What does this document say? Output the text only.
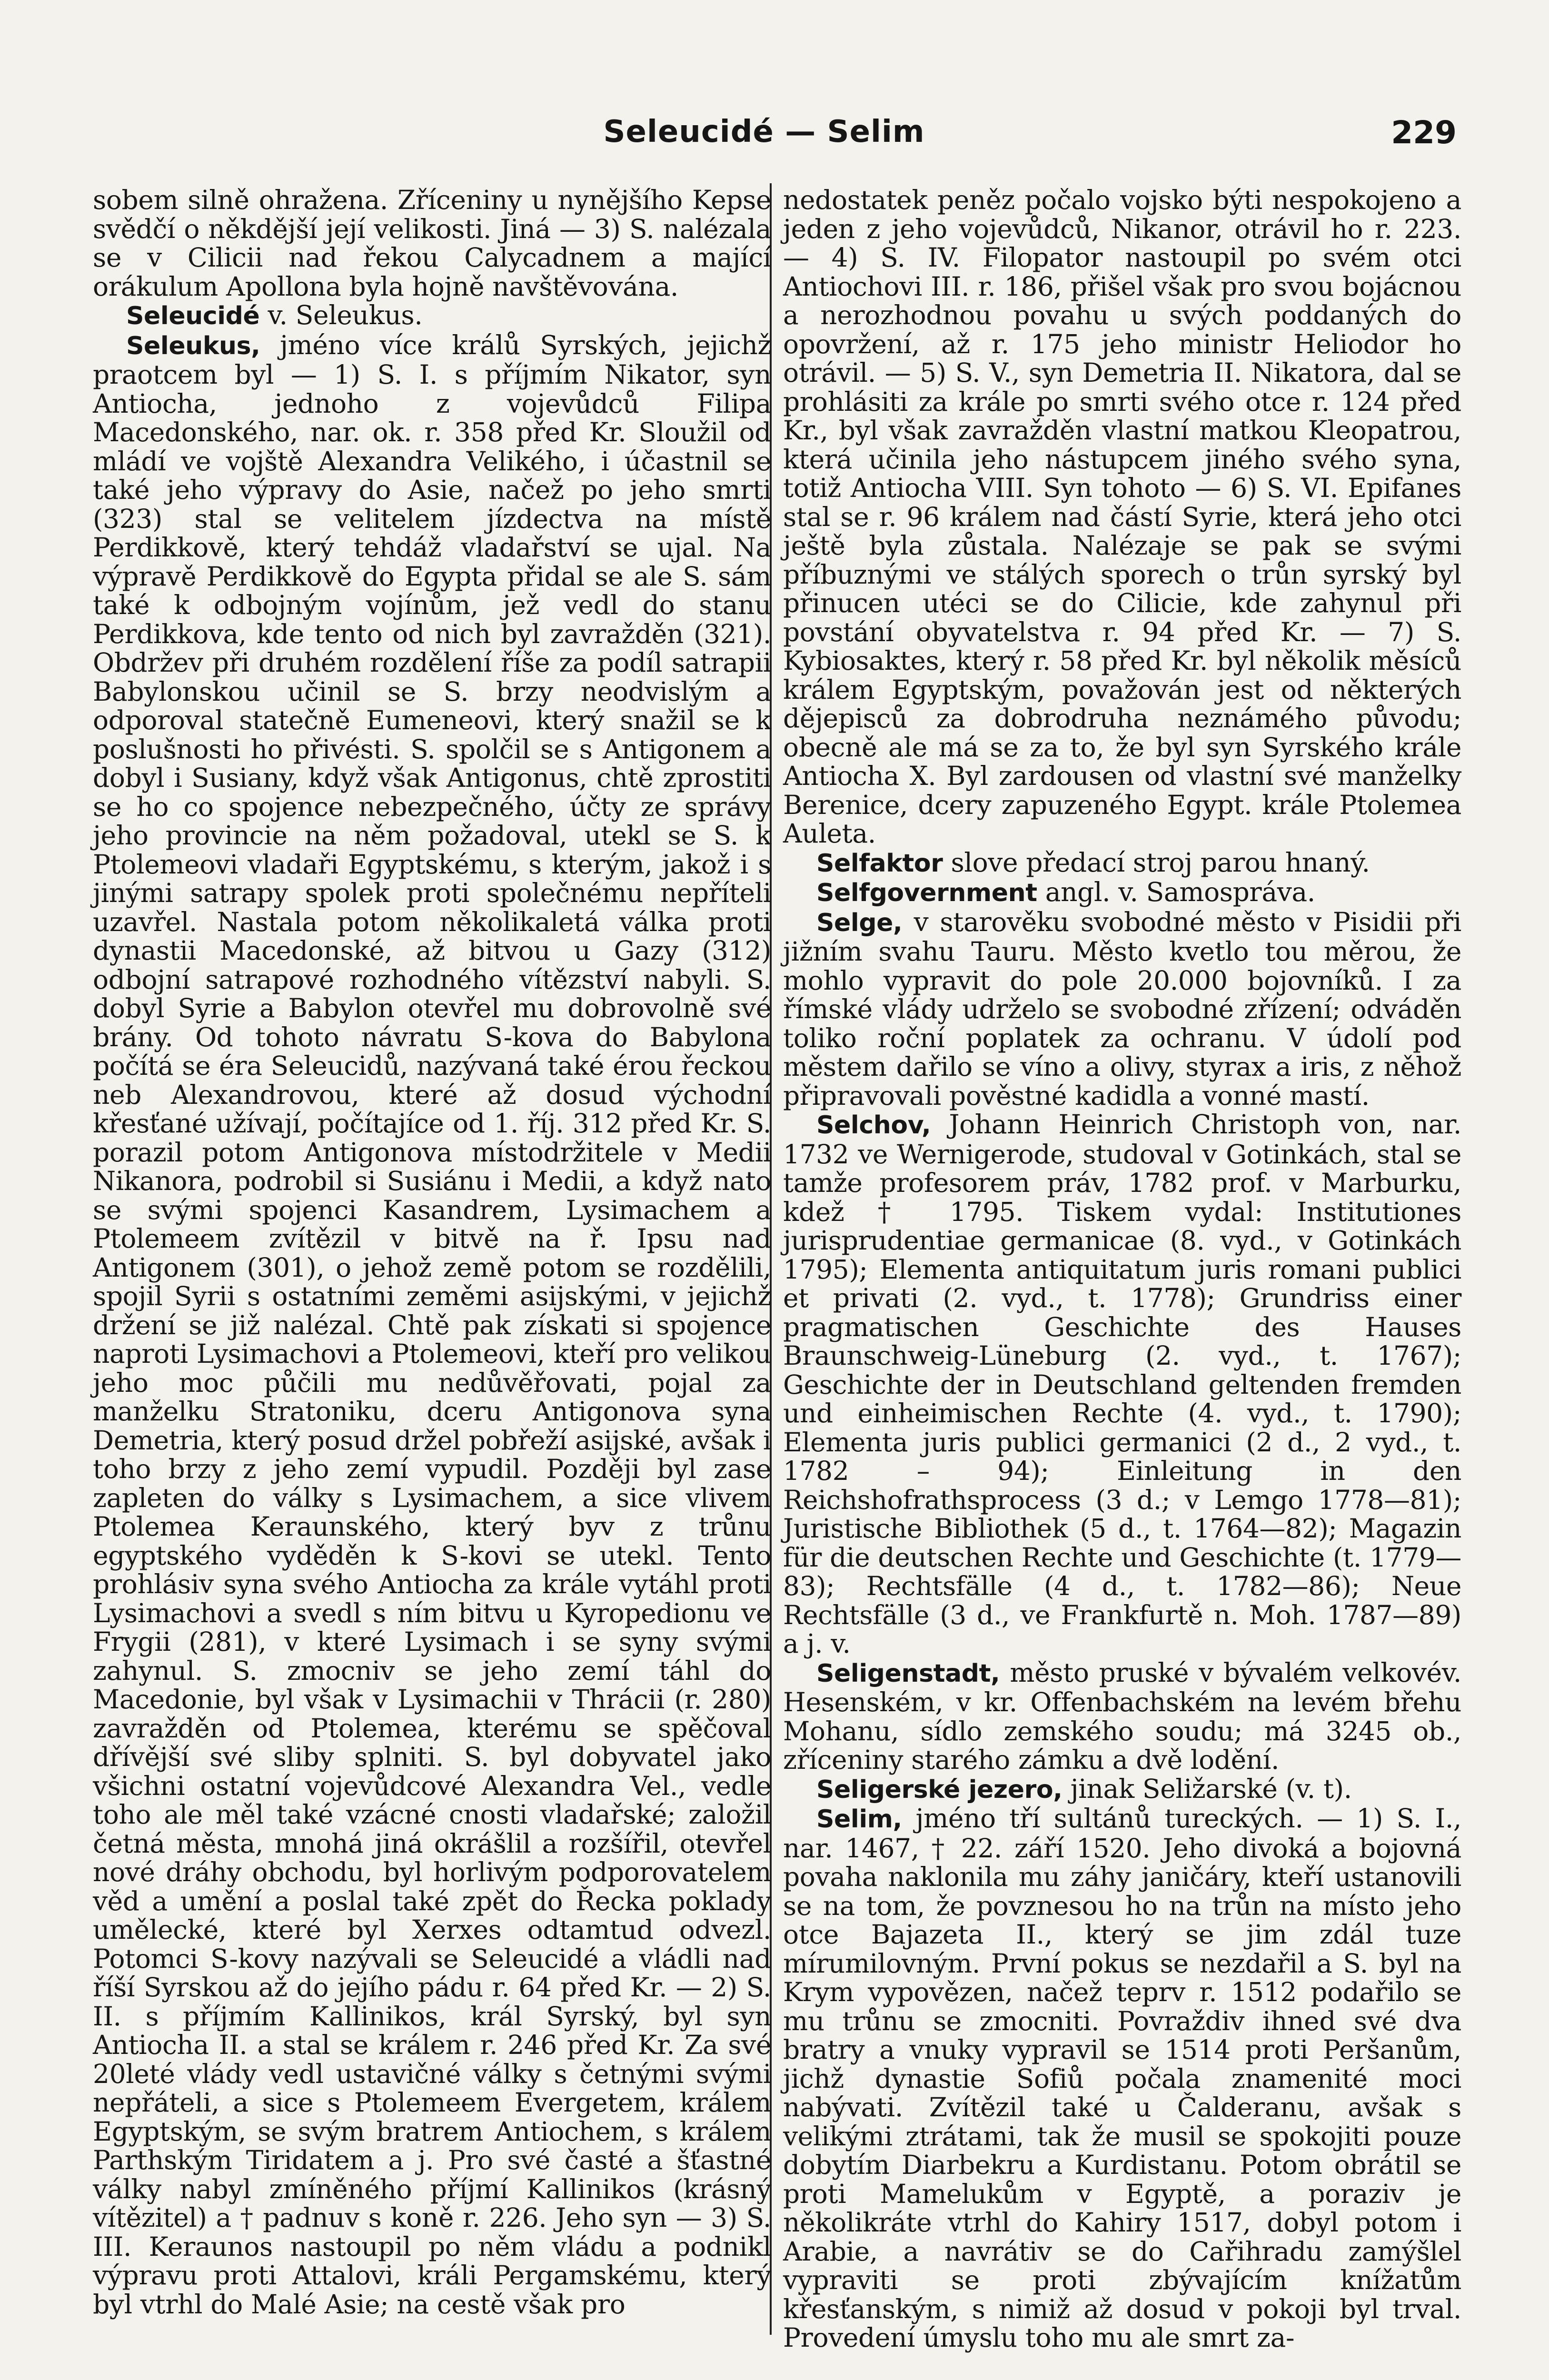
Seleucidé — Selim	229

sobem silně ohražena. Zříceniny u nynějšího Kepse svědčí o někdější její velikosti. Jiná — 3) S. nalézala se v Cilicii nad řekou Calycadnem a mající orákulum Apollona byla hojně navštěvována.

Seleucidé v. Seleukus.

Seleukus, jméno více králů Syrských, jejichž praotcem byl — 1) S. I. s příjmím Nikator, syn Antiocha, jednoho z vojevůdců Filipa Macedonského, nar. ok. r. 358 před Kr. Sloužil od mládí ve vojště Alexandra Velikého, i účastnil se také jeho výpravy do Asie, načež po jeho smrti (323) stal se velitelem jízdectva na místě Perdikkově, který tehdáž vladařství se ujal. Na výpravě Perdikkově do Egypta přidal se ale S. sám také k odbojným vojínům, jež vedl do stanu Perdikkova, kde tento od nich byl zavražděn (321). Obdržev při druhém rozdělení říše za podíl satrapii Babylonskou učinil se S. brzy neodvislým a odporoval statečně Eumeneovi, který snažil se k poslušnosti ho přivésti. S. spolčil se s Antigonem a dobyl i Susiany, když však Antigonus, chtě zprostiti se ho co spojence nebezpečného, účty ze správy jeho provincie na něm požadoval, utekl se S. k Ptolemeovi vladaři Egyptskému, s kterým, jakož i s jinými satrapy spolek proti společnému nepříteli uzavřel. Nastala potom několikaletá válka proti dynastii Macedonské, až bitvou u Gazy (312) odbojní satrapové rozhodného vítězství nabyli. S. dobyl Syrie a Babylon otevřel mu dobrovolně své brány. Od tohoto návratu S-kova do Babylona počítá se éra Seleucidů, nazývaná také érou řeckou neb Alexandrovou, které až dosud východní křesťané užívají, počítajíce od 1. říj. 312 před Kr. S. porazil potom Antigonova místodržitele v Medii Nikanora, podrobil si Susiánu i Medii, a když nato se svými spojenci Kasandrem, Lysimachem a Ptolemeem zvítězil v bitvě na ř. Ipsu nad Antigonem (301), o jehož země potom se rozdělili, spojil Syrii s ostatními zeměmi asijskými, v jejichž držení se již nalézal. Chtě pak získati si spojence naproti Lysimachovi a Ptolemeovi, kteří pro velikou jeho moc půčili mu nedůvěřovati, pojal za manželku Stratoniku, dceru Antigonova syna Demetria, který posud držel pobřeží asijské, avšak i toho brzy z jeho zemí vypudil. Později byl zase zapleten do války s Lysimachem, a sice vlivem Ptolemea Keraunského, který byv z trůnu egyptského vyděděn k S-kovi se utekl. Tento prohlásiv syna svého Antiocha za krále vytáhl proti Lysimachovi a svedl s ním bitvu u Kyropedionu ve Frygii (281), v které Lysimach i se syny svými zahynul. S. zmocniv se jeho zemí táhl do Macedonie, byl však v Lysimachii v Thrácii (r. 280) zavražděn od Ptolemea, kterému se spěčoval dřívější své sliby splniti. S. byl dobyvatel jako všichni ostatní vojevůdcové Alexandra Vel., vedle toho ale měl také vzácné cnosti vladařské; založil četná města, mnohá jiná okrášlil a rozšířil, otevřel nové dráhy obchodu, byl horlivým podporovatelem věd a umění a poslal také zpět do Řecka poklady umělecké, které byl Xerxes odtamtud odvezl. Potomci S-kovy nazývali se Seleucidé a vládli nad říší Syrskou až do jejího pádu r. 64 před Kr. — 2) S. II. s příjmím Kallinikos, král Syrský, byl syn Antiocha II. a stal se králem r. 246 před Kr. Za své 20leté vlády vedl ustavičné války s četnými svými nepřáteli, a sice s Ptolemeem Evergetem, králem Egyptským, se svým bratrem Antiochem, s králem Parthským Tiridatem a j. Pro své časté a šťastné války nabyl zmíněného příjmí Kallinikos (krásný vítězitel) a † padnuv s koně r. 226. Jeho syn — 3) S. III. Keraunos nastoupil po něm vládu a podnikl výpravu proti Attalovi, králi Pergamskému, který byl vtrhl do Malé Asie; na cestě však pro

nedostatek peněz počalo vojsko býti nespokojeno a jeden z jeho vojevůdců, Nikanor, otrávil ho r. 223. — 4) S. IV. Filopator nastoupil po svém otci Antiochovi III. r. 186, přišel však pro svou bojácnou a nerozhodnou povahu u svých poddaných do opovržení, až r. 175 jeho ministr Heliodor ho otrávil. — 5) S. V., syn Demetria II. Nikatora, dal se prohlásiti za krále po smrti svého otce r. 124 před Kr., byl však zavražděn vlastní matkou Kleopatrou, která učinila jeho nástupcem jiného svého syna, totiž Antiocha VIII. Syn tohoto — 6) S. VI. Epifanes stal se r. 96 králem nad částí Syrie, která jeho otci ještě byla zůstala. Nalézaje se pak se svými příbuznými ve stálých sporech o trůn syrský byl přinucen utéci se do Cilicie, kde zahynul při povstání obyvatelstva r. 94 před Kr. — 7) S. Kybiosaktes, který r. 58 před Kr. byl několik měsíců králem Egyptským, považován jest od některých dějepisců za dobrodruha neznámého původu; obecně ale má se za to, že byl syn Syrského krále Antiocha X. Byl zardousen od vlastní své manželky Berenice, dcery zapuzeného Egypt. krále Ptolemea Auleta.

Selfaktor slove předací stroj parou hnaný.

Selfgovernment angl. v. Samospráva.

Selge, v starověku svobodné město v Pisidii při jižním svahu Tauru. Město kvetlo tou měrou, že mohlo vypravit do pole 20.000 bojovníků. I za římské vlády udrželo se svobodné zřízení; odváděn toliko roční poplatek za ochranu. V údolí pod městem dařilo se víno a olivy, styrax a iris, z něhož připravovali pověstné kadidla a vonné mastí.

Selchov, Johann Heinrich Christoph von, nar. 1732 ve Wernigerode, studoval v Gotinkách, stal se tamže profesorem práv, 1782 prof. v Marburku, kdež † 1795. Tiskem vydal: Institutiones jurisprudentiae germanicae (8. vyd., v Gotinkách 1795); Elementa antiquitatum juris romani publici et privati (2. vyd., t. 1778); Grundriss einer pragmatischen Geschichte des Hauses Braunschweig-Lüneburg (2. vyd., t. 1767); Geschichte der in Deutschland geltenden fremden und einheimischen Rechte (4. vyd., t. 1790); Elementa juris publici germanici (2 d., 2 vyd., t. 1782 – 94); Einleitung in den Reichshofrathsprocess (3 d.; v Lemgo 1778—81); Juristische Bibliothek (5 d., t. 1764—82); Magazin für die deutschen Rechte und Geschichte (t. 1779—83); Rechtsfälle (4 d., t. 1782—86); Neue Rechtsfälle (3 d., ve Frankfurtě n. Moh. 1787—89) a j. v.

Seligenstadt, město pruské v bývalém velkovév. Hesenském, v kr. Offenbachském na levém břehu Mohanu, sídlo zemského soudu; má 3245 ob., zříceniny starého zámku a dvě lodění.

Seligerské jezero, jinak Seližarské (v. t).

Selim, jméno tří sultánů tureckých. — 1) S. I., nar. 1467, † 22. září 1520. Jeho divoká a bojovná povaha naklonila mu záhy janičáry, kteří ustanovili se na tom, že povznesou ho na trůn na místo jeho otce Bajazeta II., který se jim zdál tuze mírumilovným. První pokus se nezdařil a S. byl na Krym vypovězen, načež teprv r. 1512 podařilo se mu trůnu se zmocniti. Povraždiv ihned své dva bratry a vnuky vypravil se 1514 proti Peršanům, jichž dynastie Sofiů počala znamenité moci nabývati. Zvítězil také u Čalderanu, avšak s velikými ztrátami, tak že musil se spokojiti pouze dobytím Diarbekru a Kurdistanu. Potom obrátil se proti Mamelukům v Egyptě, a poraziv je několikráte vtrhl do Kahiry 1517, dobyl potom i Arabie, a navrátiv se do Cařihradu zamýšlel vypraviti se proti zbývajícím knížatům křesťanským, s nimiž až dosud v pokoji byl trval. Provedení úmyslu toho mu ale smrt za-
